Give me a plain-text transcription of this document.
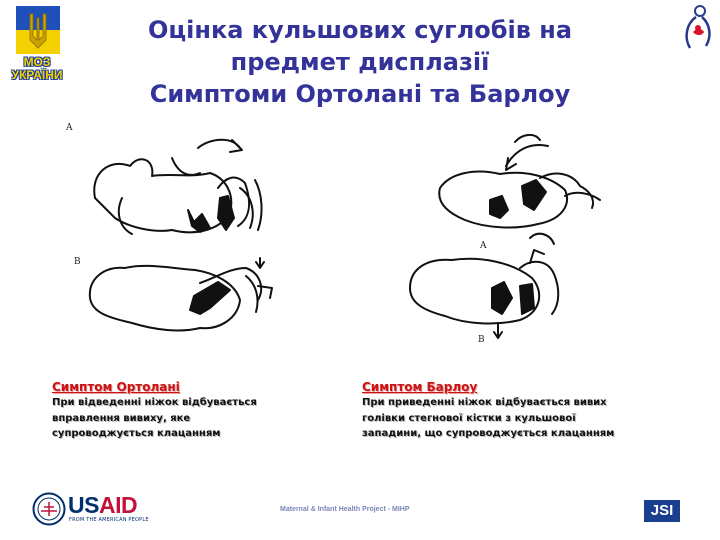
МОЗ УКРАЇНИ
Оцінка кульшових суглобів на
предмет дисплазії
Симптоми Ортолані та Барлоу
A
B
A
B
Симптом Ортолані
При відведенні ніжок відбувається
вправлення вивиху, яке
супроводжується клацанням
Симптом Барлоу
При приведенні ніжок відбувається вивих
голівки стегнової кістки з кульшової
западини, що супроводжується клацанням
USAID
FROM THE AMERICAN PEOPLE
Maternal & Infant Health Project - MIHP	JSI
